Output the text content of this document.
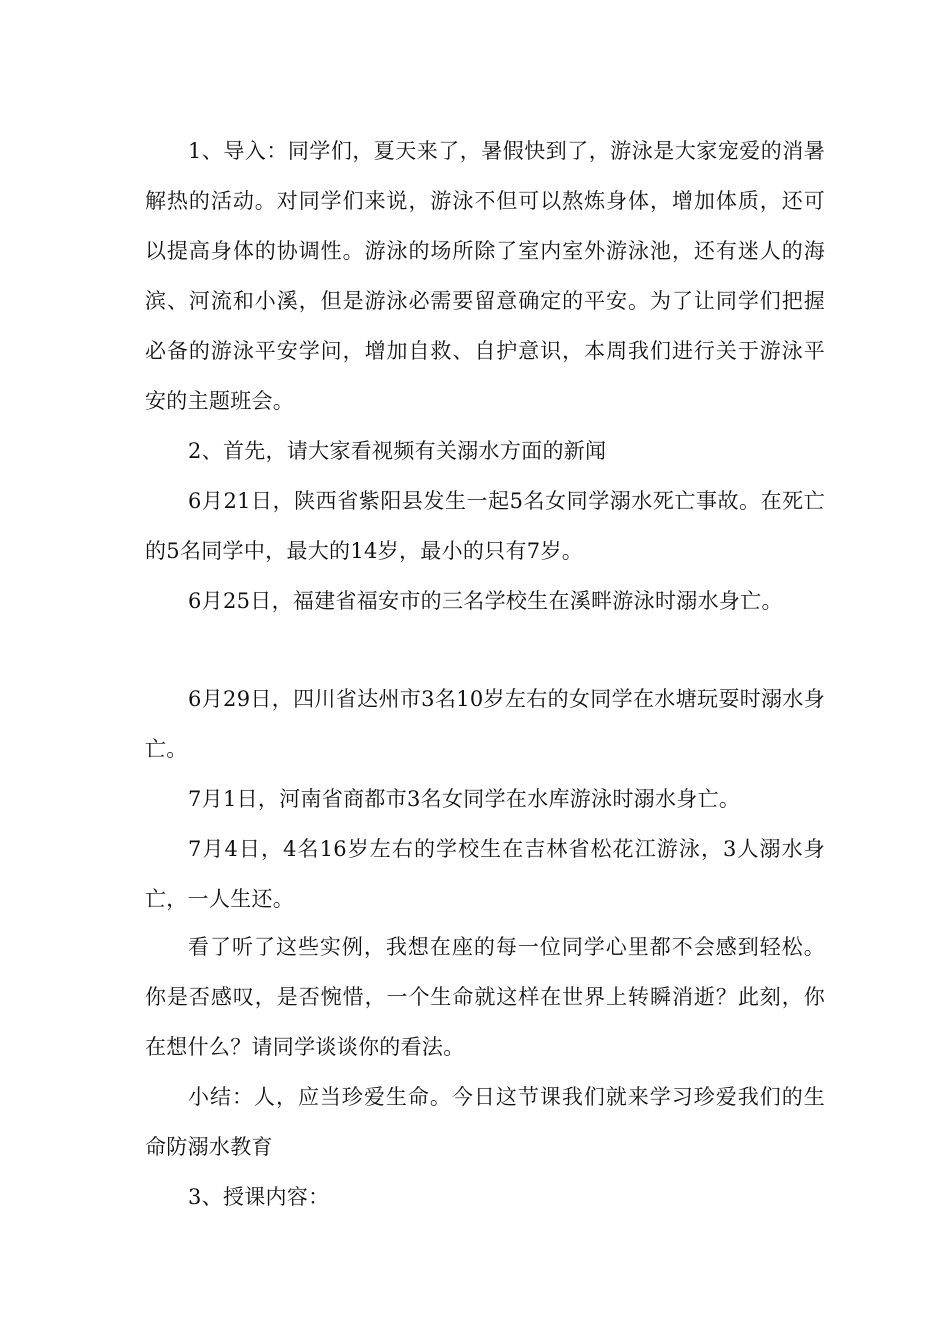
1、导入：同学们，夏天来了，暑假快到了，游泳是大家宠爱的消暑解热的活动。对同学们来说，游泳不但可以熬炼身体，增加体质，还可以提高身体的协调性。游泳的场所除了室内室外游泳池，还有迷人的海滨、河流和小溪，但是游泳必需要留意确定的平安。为了让同学们把握必备的游泳平安学问，增加自救、自护意识，本周我们进行关于游泳平安的主题班会。

2、首先，请大家看视频有关溺水方面的新闻

6月21日，陕西省紫阳县发生一起5名女同学溺水死亡事故。在死亡的5名同学中，最大的14岁，最小的只有7岁。

6月25日，福建省福安市的三名学校生在溪畔游泳时溺水身亡。

6月29日，四川省达州市3名10岁左右的女同学在水塘玩耍时溺水身亡。

7月1日，河南省商都市3名女同学在水库游泳时溺水身亡。

7月4日，4名16岁左右的学校生在吉林省松花江游泳，3人溺水身亡，一人生还。

看了听了这些实例，我想在座的每一位同学心里都不会感到轻松。你是否感叹，是否惋惜，一个生命就这样在世界上转瞬消逝？此刻，你在想什么？请同学谈谈你的看法。

小结：人，应当珍爱生命。今日这节课我们就来学习珍爱我们的生命防溺水教育

3、授课内容：
